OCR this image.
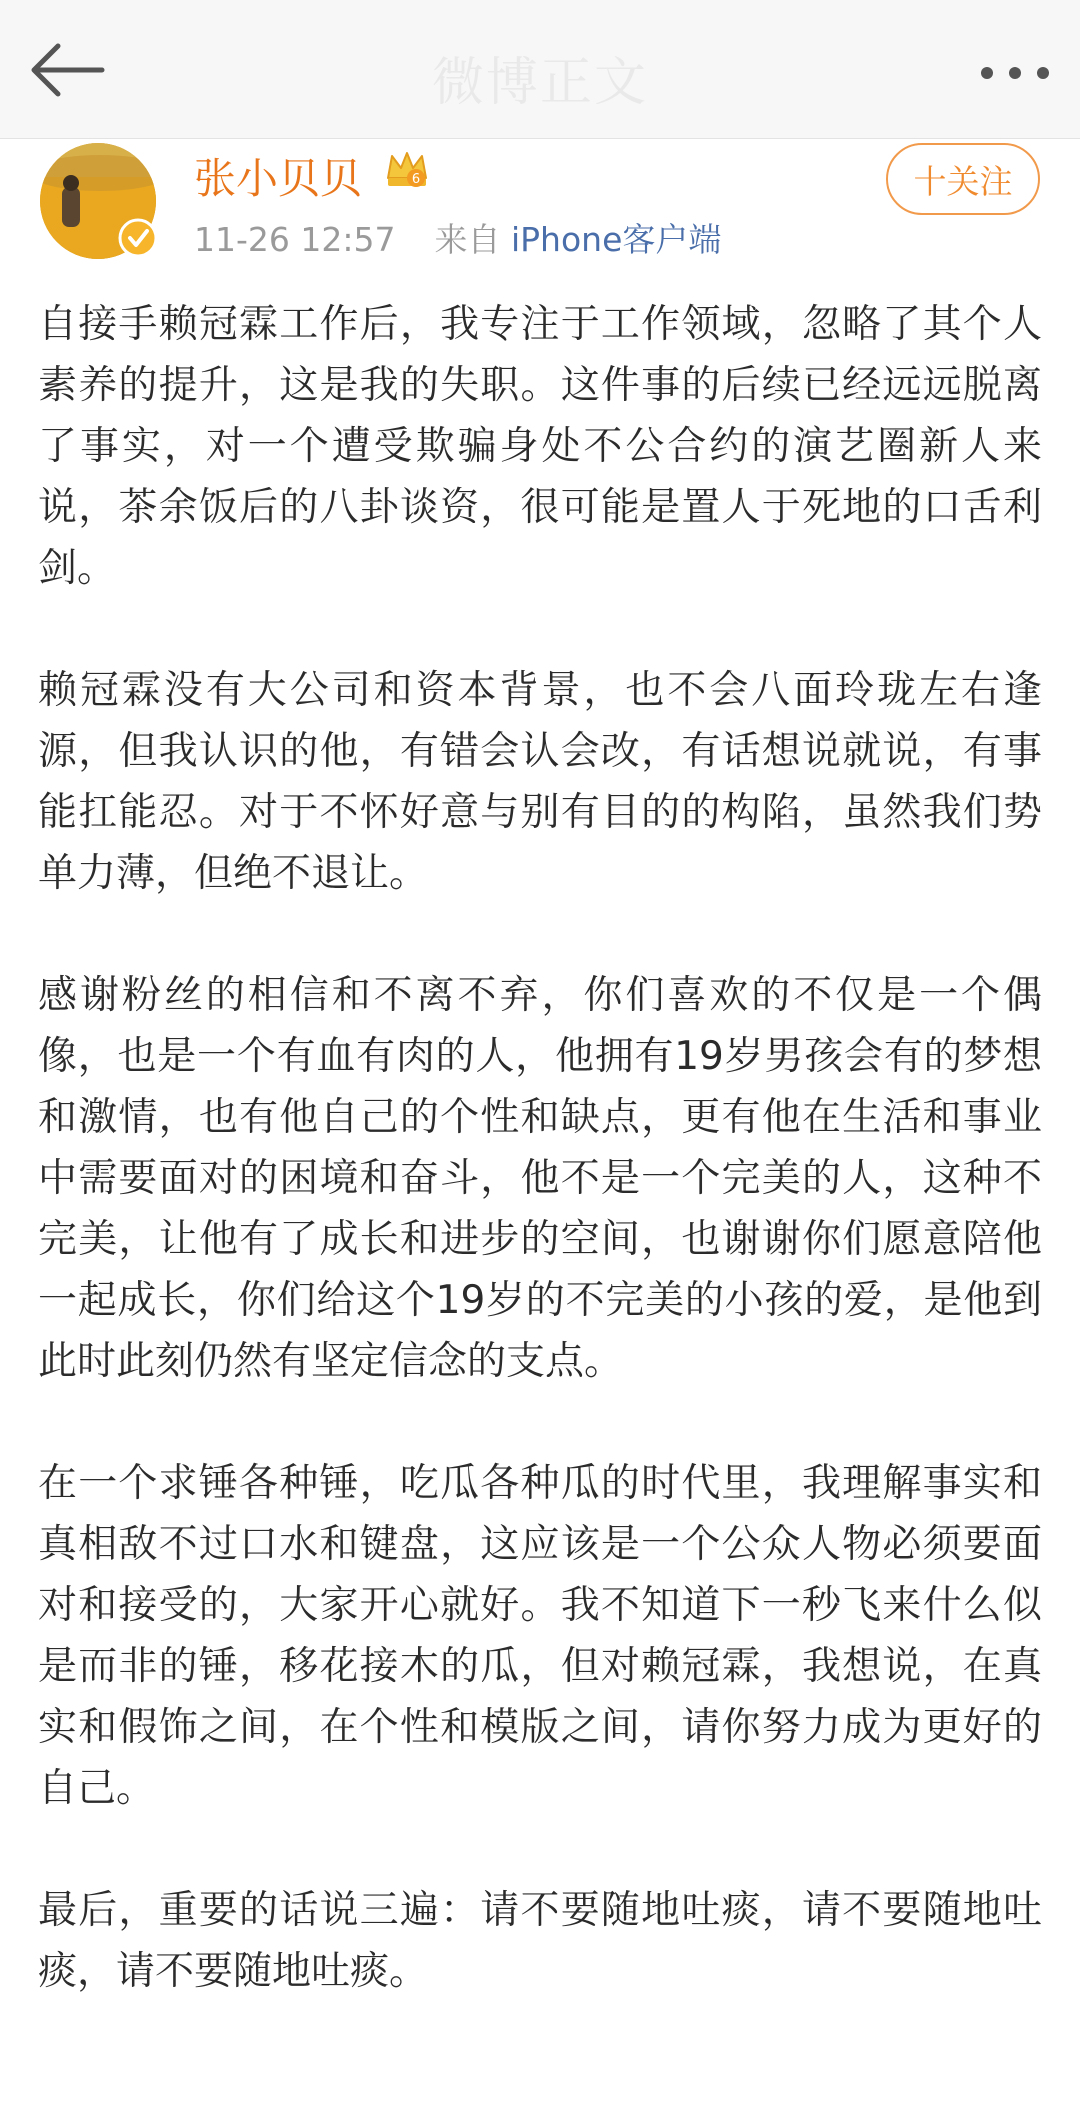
微博正文
张小贝贝	6
11-26 12:57 来自 iPhone客户端
十关注

自接手赖冠霖工作后，我专注于工作领域，忽略了其个人素养的提升，这是我的失职。这件事的后续已经远远脱离了事实，对一个遭受欺骗身处不公合约的演艺圈新人来说，茶余饭后的八卦谈资，很可能是置人于死地的口舌利剑。

赖冠霖没有大公司和资本背景，也不会八面玲珑左右逢源，但我认识的他，有错会认会改，有话想说就说，有事能扛能忍。对于不怀好意与别有目的的构陷，虽然我们势单力薄，但绝不退让。

感谢粉丝的相信和不离不弃，你们喜欢的不仅是一个偶像，也是一个有血有肉的人，他拥有19岁男孩会有的梦想和激情，也有他自己的个性和缺点，更有他在生活和事业中需要面对的困境和奋斗，他不是一个完美的人，这种不完美，让他有了成长和进步的空间，也谢谢你们愿意陪他一起成长，你们给这个19岁的不完美的小孩的爱，是他到此时此刻仍然有坚定信念的支点。

在一个求锤各种锤，吃瓜各种瓜的时代里，我理解事实和真相敌不过口水和键盘，这应该是一个公众人物必须要面对和接受的，大家开心就好。我不知道下一秒飞来什么似是而非的锤，移花接木的瓜，但对赖冠霖，我想说，在真实和假饰之间，在个性和模版之间，请你努力成为更好的自己。

最后，重要的话说三遍：请不要随地吐痰，请不要随地吐痰，请不要随地吐痰。
